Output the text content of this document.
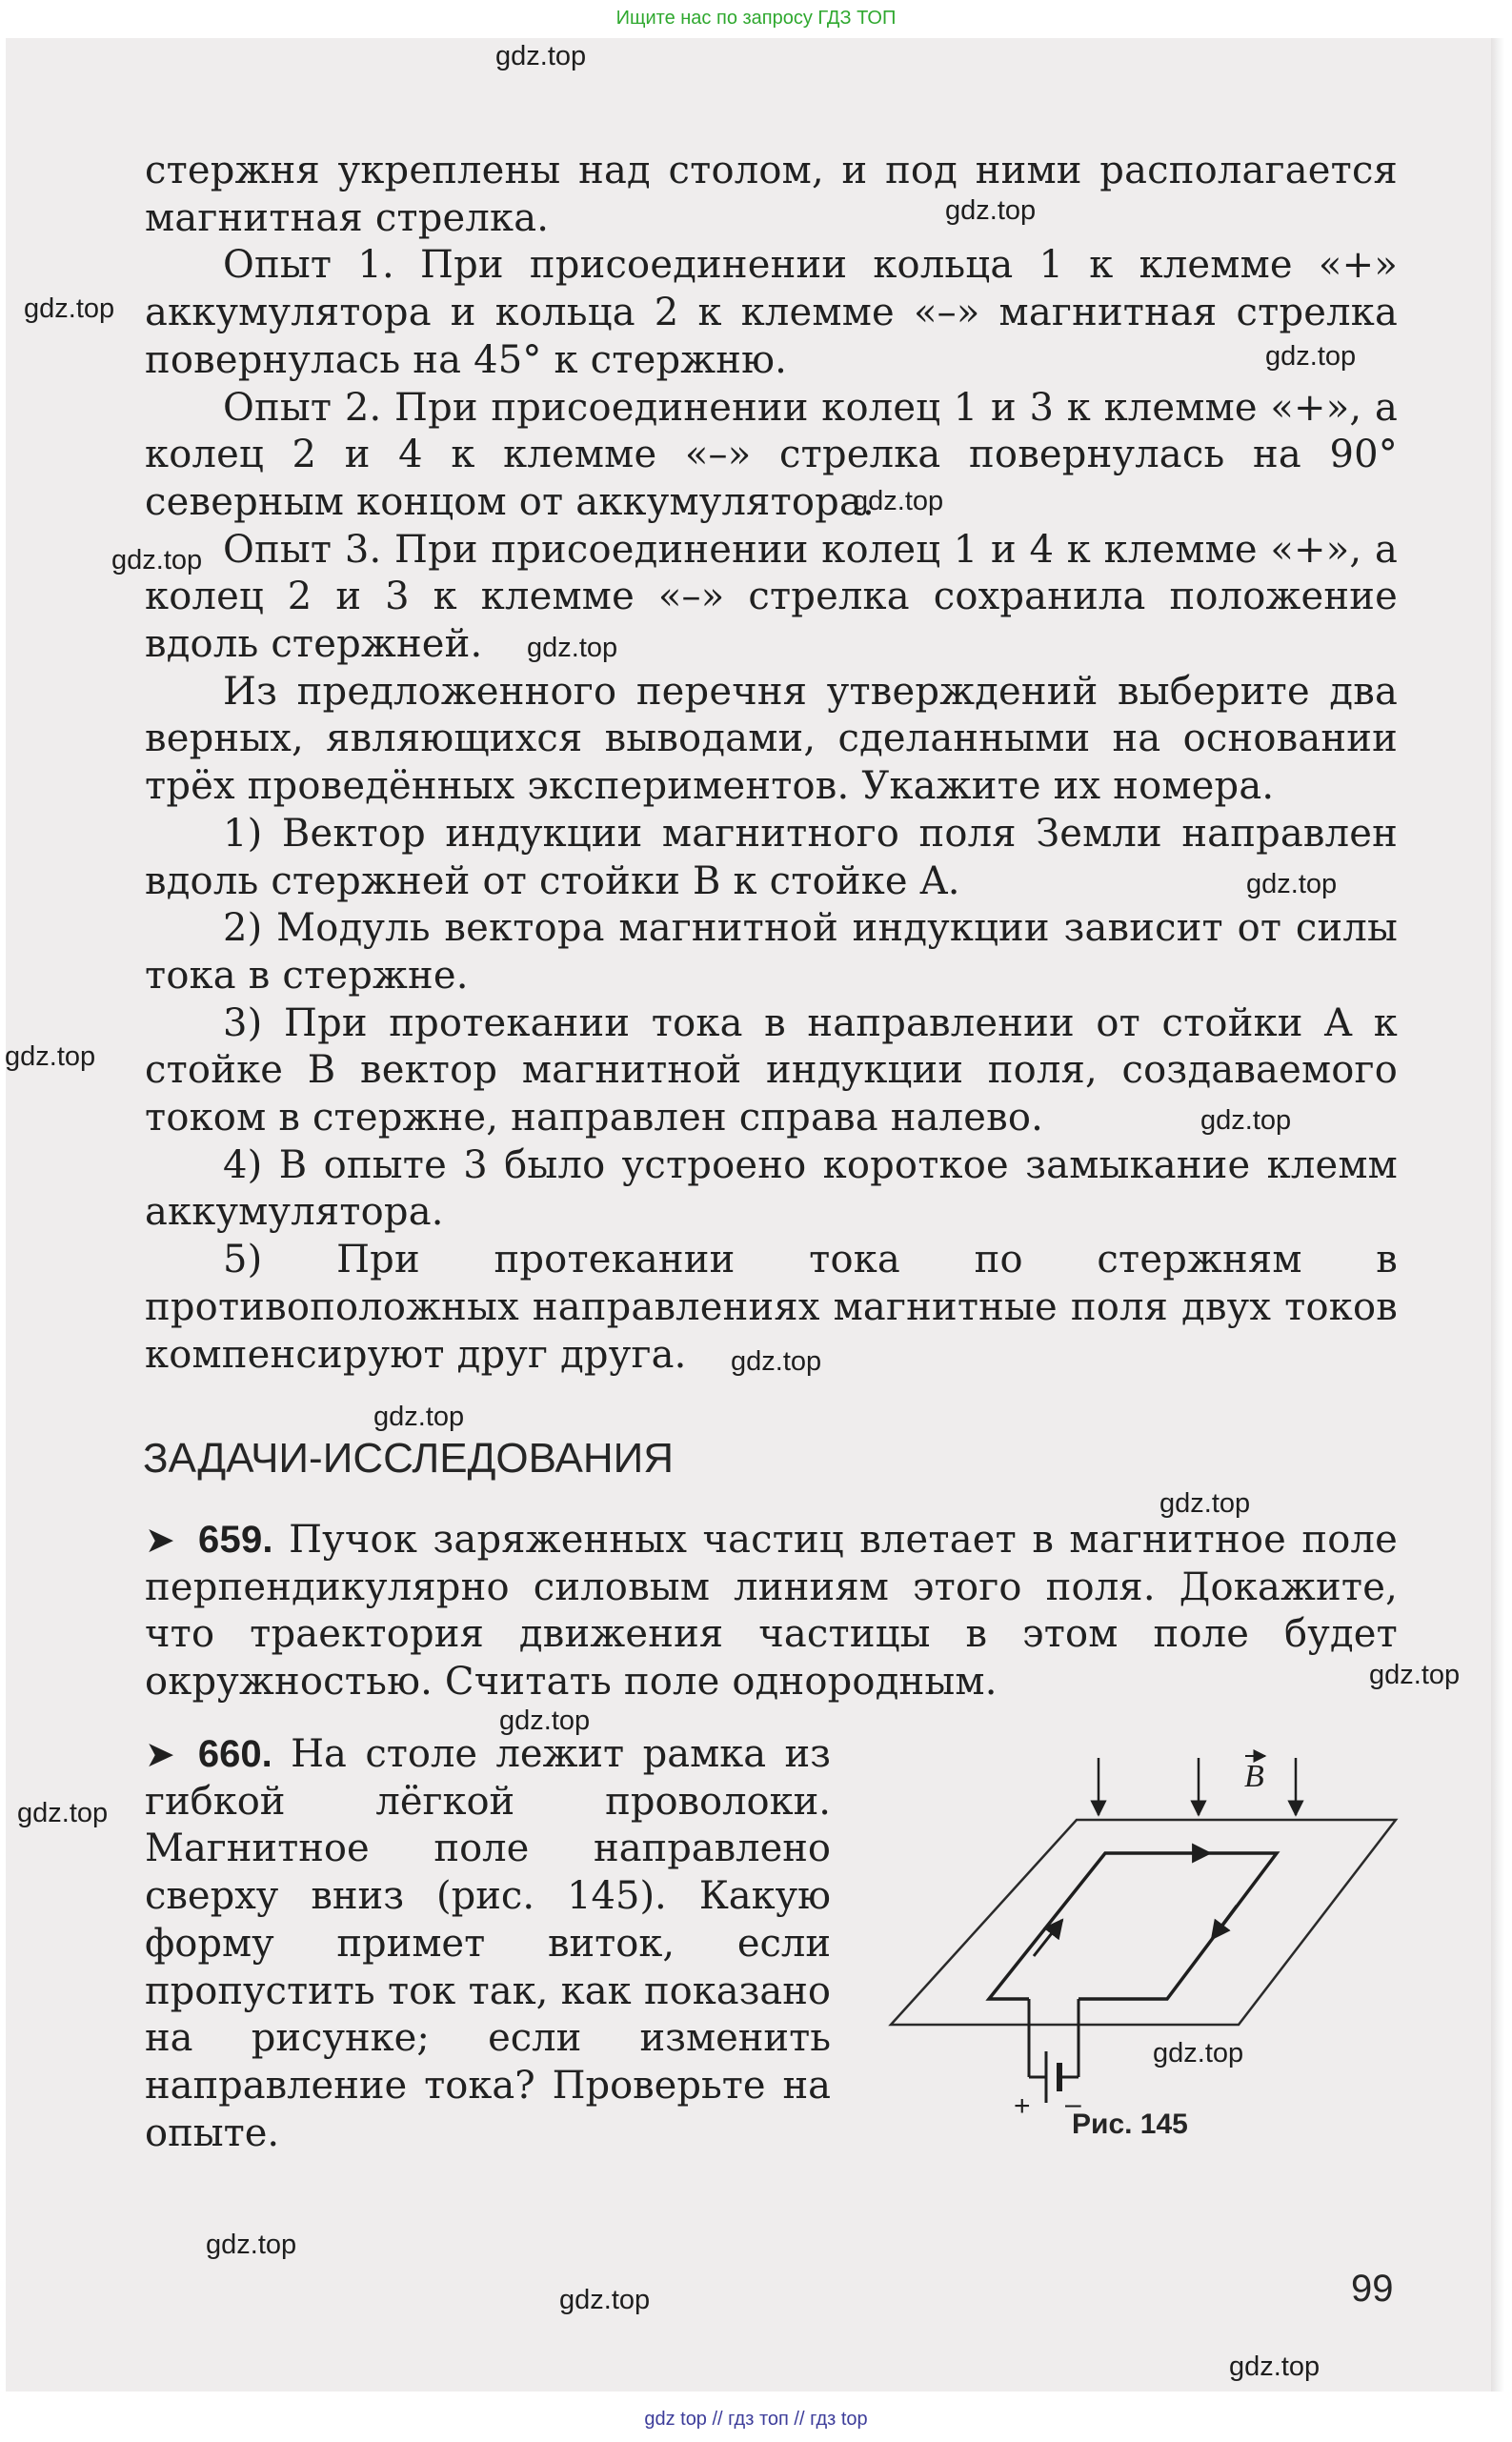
Ищите нас по запросу ГДЗ ТОП

стержня укреплены над столом, и под ними располагается магнитная стрелка.

Опыт 1. При присоединении кольца 1 к клемме «+» аккумулятора и кольца 2 к клемме «–» магнитная стрелка повернулась на 45° к стержню.

Опыт 2. При присоединении колец 1 и 3 к клемме «+», а колец 2 и 4 к клемме «–» стрелка повернулась на 90° северным концом от аккумулятора.

Опыт 3. При присоединении колец 1 и 4 к клемме «+», а колец 2 и 3 к клемме «–» стрелка сохранила положение вдоль стержней.

Из предложенного перечня утверждений выберите два верных, являющихся выводами, сделанными на основании трёх проведённых экспериментов. Укажите их номера.

1) Вектор индукции магнитного поля Земли направлен вдоль стержней от стойки B к стойке A.

2) Модуль вектора магнитной индукции зависит от силы тока в стержне.

3) При протекании тока в направлении от стойки A к стойке B вектор магнитной индукции поля, создаваемого током в стержне, направлен справа налево.

4) В опыте 3 было устроено короткое замыкание клемм аккумулятора.

5) При протекании тока по стержням в противоположных направлениях магнитные поля двух токов компенсируют друг друга.

ЗАДАЧИ-ИССЛЕДОВАНИЯ

➤ 659. Пучок заряженных частиц влетает в магнитное поле перпендикулярно силовым линиям этого поля. Докажите, что траектория движения частицы в этом поле будет окружностью. Считать поле однородным.

➤ 660. На столе лежит рамка из гибкой лёгкой проволоки. Магнитное поле направлено сверху вниз (рис. 145). Какую форму примет виток, если пропустить ток так, как показано на рисунке; если изменить направление тока? Проверьте на опыте.

B
+ –
Рис. 145
99
gdz.top
gdz.top
gdz.top
gdz.top
gdz.top
gdz.top
gdz.top
gdz.top
gdz.top
gdz.top
gdz.top
gdz.top
gdz.top
gdz.top
gdz.top
gdz.top
gdz.top
gdz.top
gdz.top
gdz.top
gdz top // гдз топ // гдз top
